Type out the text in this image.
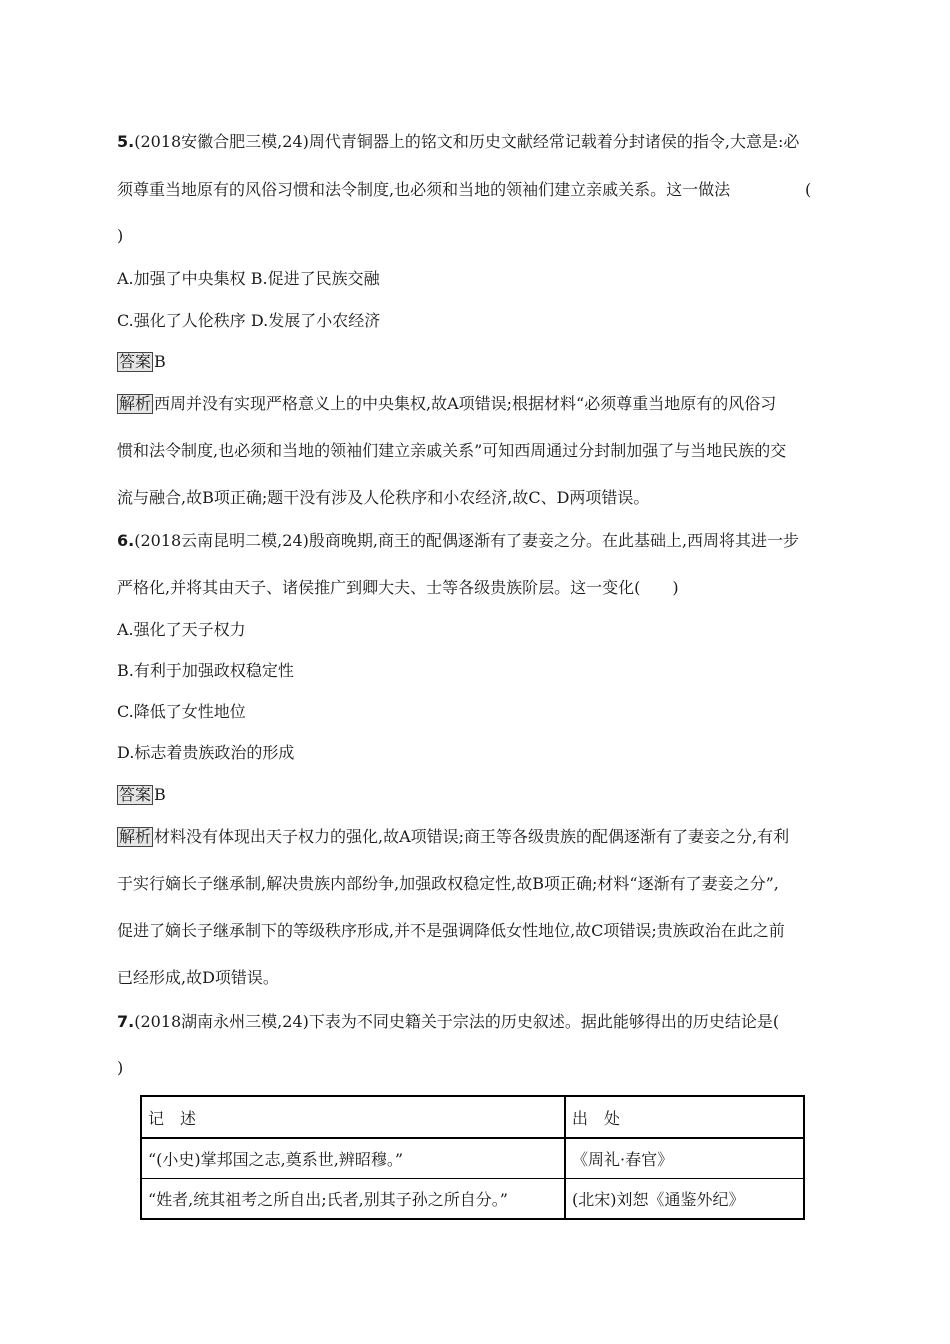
5.(2018安徽合肥三模,24)周代青铜器上的铭文和历史文献经常记载着分封诸侯的指令,大意是:必
须尊重当地原有的风俗习惯和法令制度,也必须和当地的领袖们建立亲戚关系。这一做法	(
)
A.加强了中央集权 B.促进了民族交融
C.强化了人伦秩序 D.发展了小农经济
答案 B
解析 西周并没有实现严格意义上的中央集权,故A项错误;根据材料“必须尊重当地原有的风俗习
惯和法令制度,也必须和当地的领袖们建立亲戚关系”可知西周通过分封制加强了与当地民族的交
流与融合,故B项正确;题干没有涉及人伦秩序和小农经济,故C、D两项错误。
6.(2018云南昆明二模,24)殷商晚期,商王的配偶逐渐有了妻妾之分。在此基础上,西周将其进一步
严格化,并将其由天子、诸侯推广到卿大夫、士等各级贵族阶层。这一变化(　　)
A.强化了天子权力
B.有利于加强政权稳定性
C.降低了女性地位
D.标志着贵族政治的形成
答案 B
解析 材料没有体现出天子权力的强化,故A项错误;商王等各级贵族的配偶逐渐有了妻妾之分,有利
于实行嫡长子继承制,解决贵族内部纷争,加强政权稳定性,故B项正确;材料“逐渐有了妻妾之分”,
促进了嫡长子继承制下的等级秩序形成,并不是强调降低女性地位,故C项错误;贵族政治在此之前
已经形成,故D项错误。
7.(2018湖南永州三模,24)下表为不同史籍关于宗法的历史叙述。据此能够得出的历史结论是(
)
记　述	出　处
“(小史)掌邦国之志,奠系世,辨昭穆。”	《周礼·春官》
“姓者,统其祖考之所自出;氏者,别其子孙之所自分。”	(北宋)刘恕《通鉴外纪》
